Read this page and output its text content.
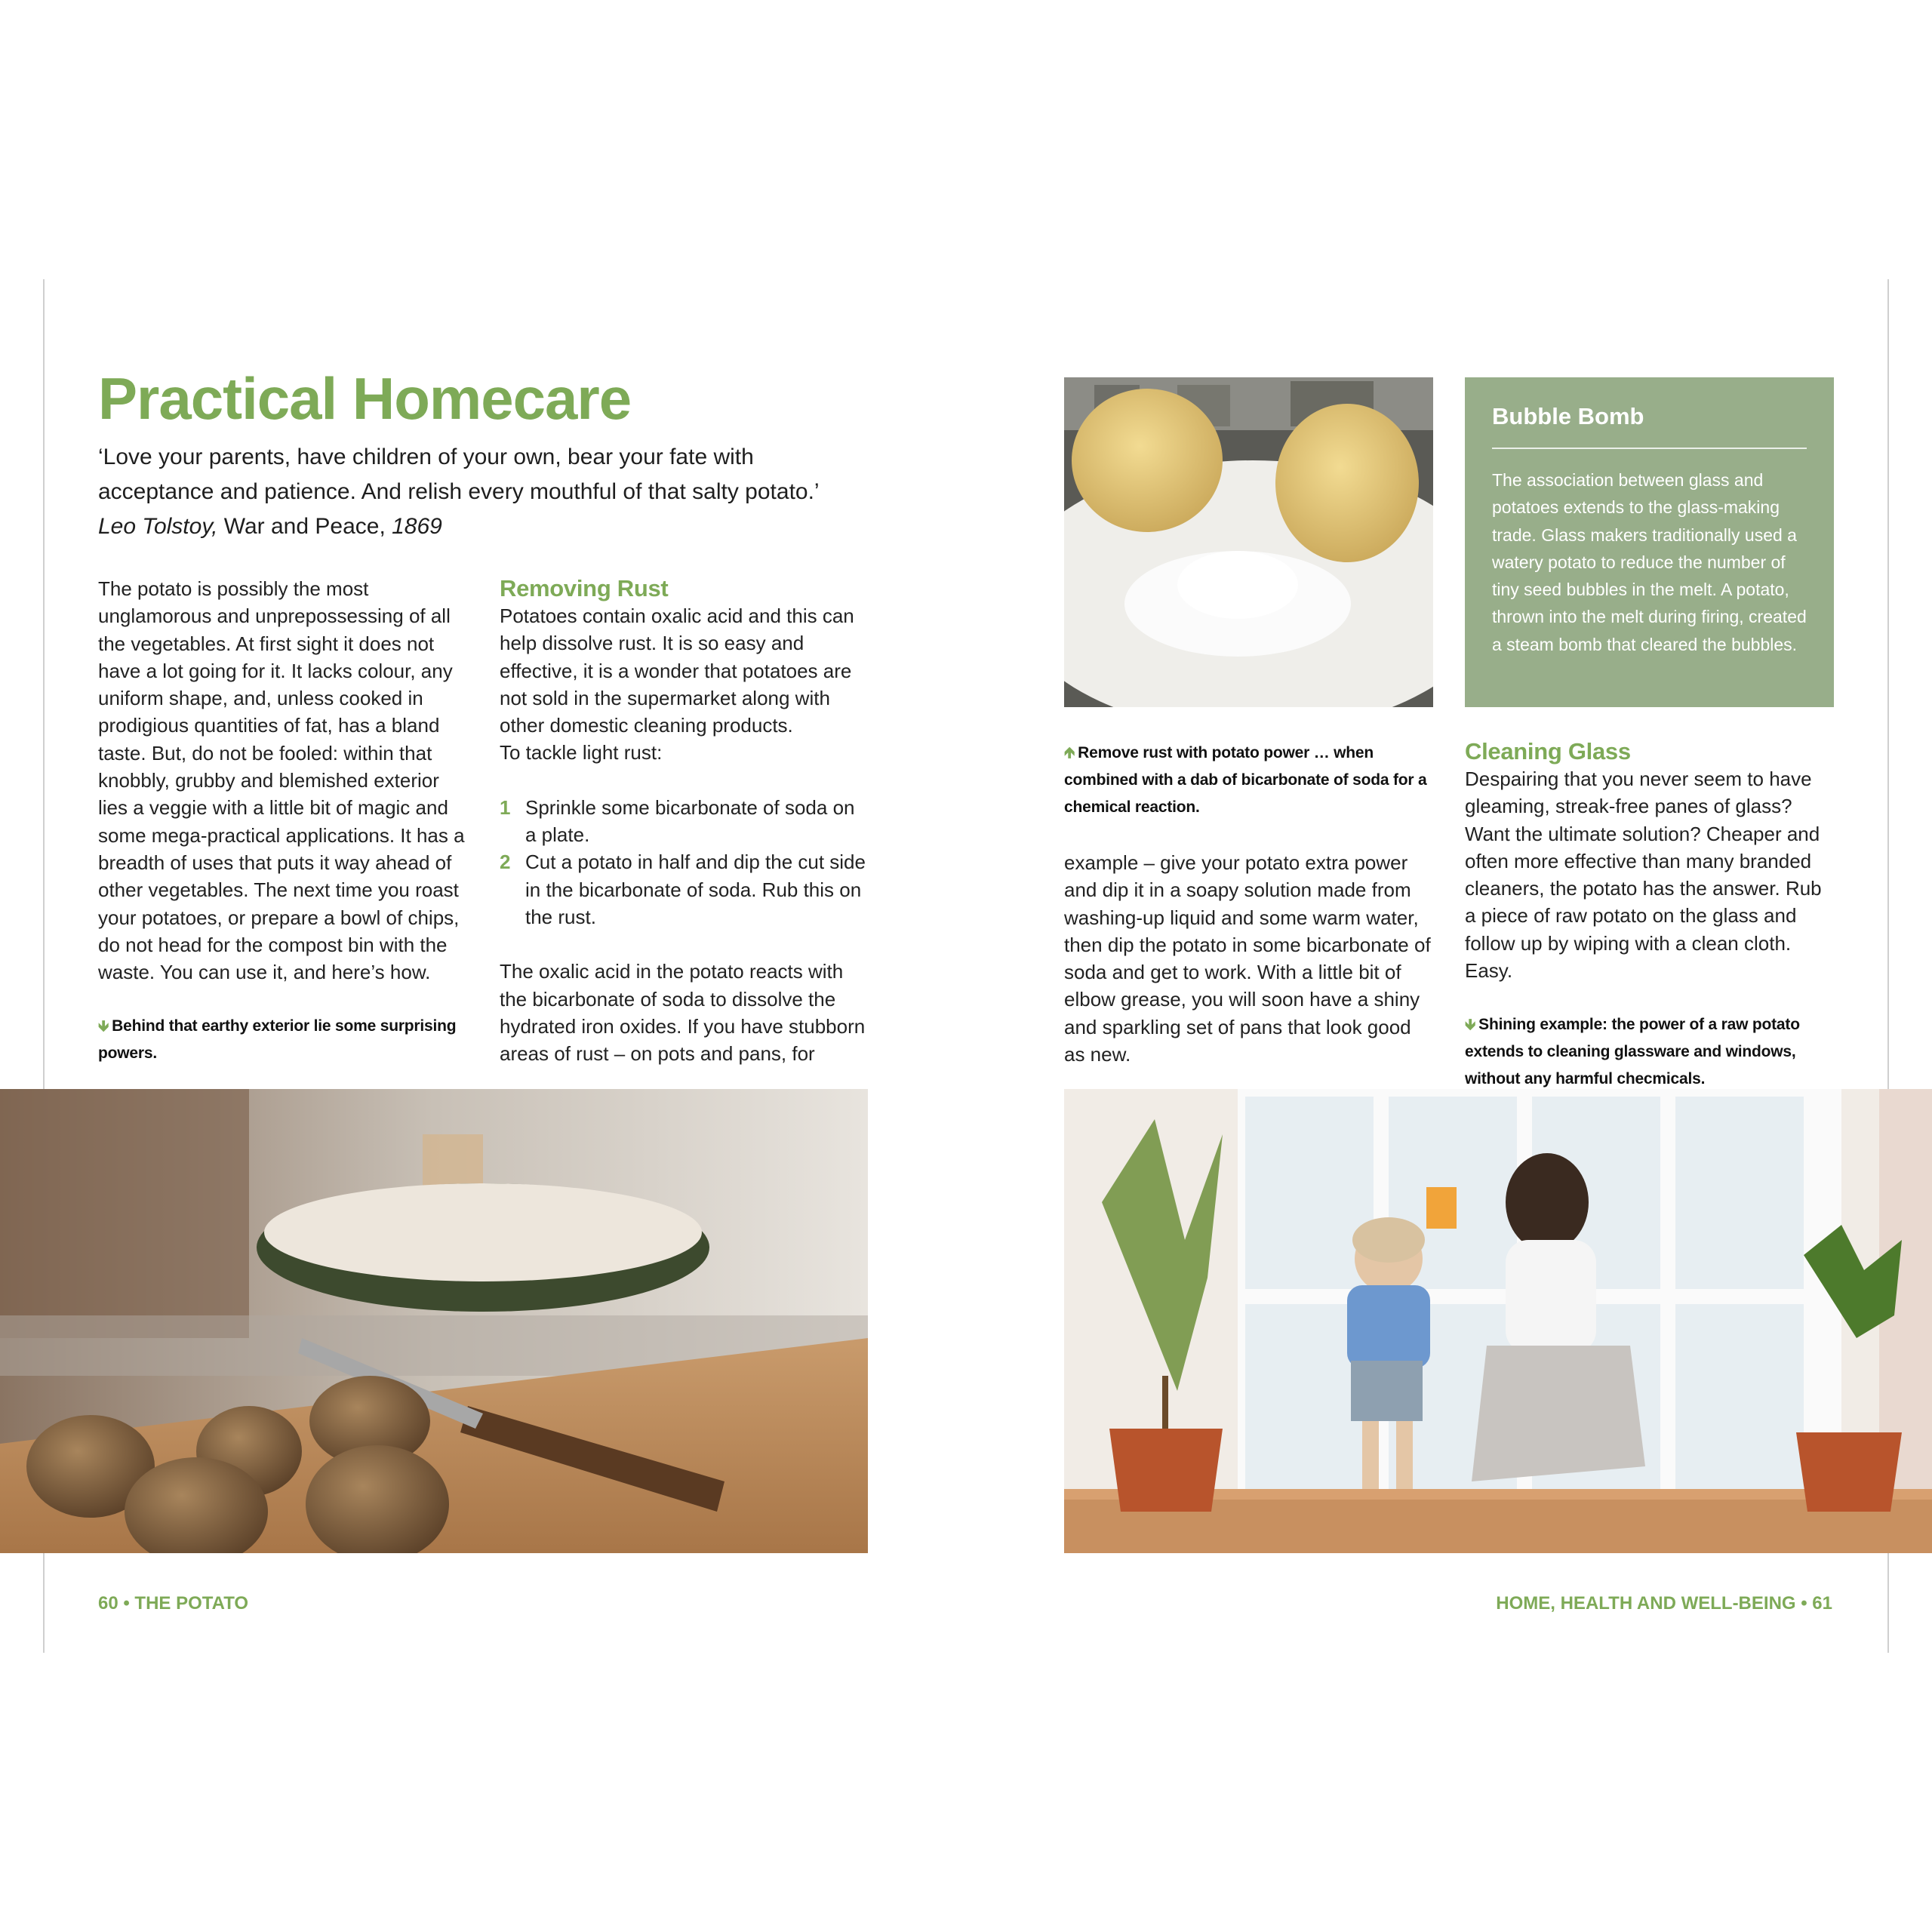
Practical Homecare
‘Love your parents, have children of your own, bear your fate with
acceptance and patience. And relish every mouthful of that salty potato.’
Leo Tolstoy, War and Peace, 1869

The potato is possibly the most unglamorous and unprepossessing of all the vegetables. At first sight it does not have a lot going for it. It lacks colour, any uniform shape, and, unless cooked in prodigious quantities of fat, has a bland taste. But, do not be fooled: within that knobbly, grubby and blemished exterior lies a veggie with a little bit of magic and some mega-practical applications. It has a breadth of uses that puts it way ahead of other vegetables. The next time you roast your potatoes, or prepare a bowl of chips, do not head for the compost bin with the waste. You can use it, and here’s how.

🡻 Behind that earthy exterior lie some surprising powers.
Removing Rust

Potatoes contain oxalic acid and this can help dissolve rust. It is so easy and effective, it is a wonder that potatoes are not sold in the supermarket along with other domestic cleaning products.

To tackle light rust:

1 Sprinkle some bicarbonate of soda on a plate.
2 Cut a potato in half and dip the cut side in the bicarbonate of soda. Rub this on the rust.

The oxalic acid in the potato reacts with the bicarbonate of soda to dissolve the hydrated iron oxides. If you have stubborn areas of rust – on pots and pans, for

60 • THE POTATO
🡹 Remove rust with potato power … when combined with a dab of bicarbonate of soda for a chemical reaction.

example – give your potato extra power and dip it in a soapy solution made from washing-up liquid and some warm water, then dip the potato in some bicarbonate of soda and get to work. With a little bit of elbow grease, you will soon have a shiny and sparkling set of pans that look good as new.

Bubble Bomb

The association between glass and potatoes extends to the glass-making trade. Glass makers traditionally used a watery potato to reduce the number of tiny seed bubbles in the melt. A potato, thrown into the melt during firing, created a steam bomb that cleared the bubbles.

Cleaning Glass

Despairing that you never seem to have gleaming, streak-free panes of glass? Want the ultimate solution? Cheaper and often more effective than many branded cleaners, the potato has the answer. Rub a piece of raw potato on the glass and follow up by wiping with a clean cloth. Easy.

🡻 Shining example: the power of a raw potato extends to cleaning glassware and windows, without any harmful checmicals.
HOME, HEALTH AND WELL-BEING • 61
